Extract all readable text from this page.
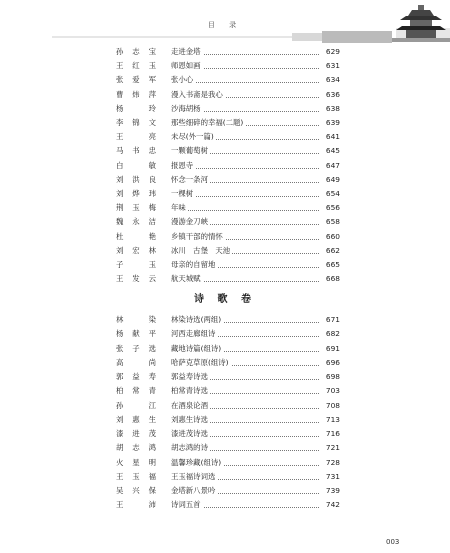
目 录
孙志宝 走进金塔	629
王红玉 师恩如画	631
张爱军 张小心	634
曹炜萍 漫入书斋是我心	636
杨　玲 沙海胡杨	638
李锦文 那些细碎的幸福(二题)	639
王　亮 未尽(外一篇)	641
马书忠 一颗葡萄树	645
白　敏 报恩寺	647
刘洪良 怀念一条河	649
刘烨玮 一棵树	654
荆玉梅 年味	656
魏永洁 漫游金刀峡	658
杜　艳 乡镇干部的情怀	660
刘宏林 冰川　古堡　天池	662
子　玉 母亲的自留地	665
王发云 航天城赋	668
林　染 林染诗选(两组)	671
杨献平 河西走廊组诗	682
张子选 藏地诗篇(组诗)	691
高　尚 哈萨克草原(组诗)	696
郭益寿 郭益寿诗选	698
柏常青 柏常青诗选	703
孙　江 在酒泉论酒	708
刘惠生 刘惠生诗选	713
漆进茂 漆进茂诗选	716
胡志鸿 胡志鸿的诗	721
火星明 温馨珍藏(组诗)	728
王玉福 王玉福诗词选	731
吴兴保 金塔新八景吟	739
王　沛 诗词五首	742
诗 歌 卷
003
